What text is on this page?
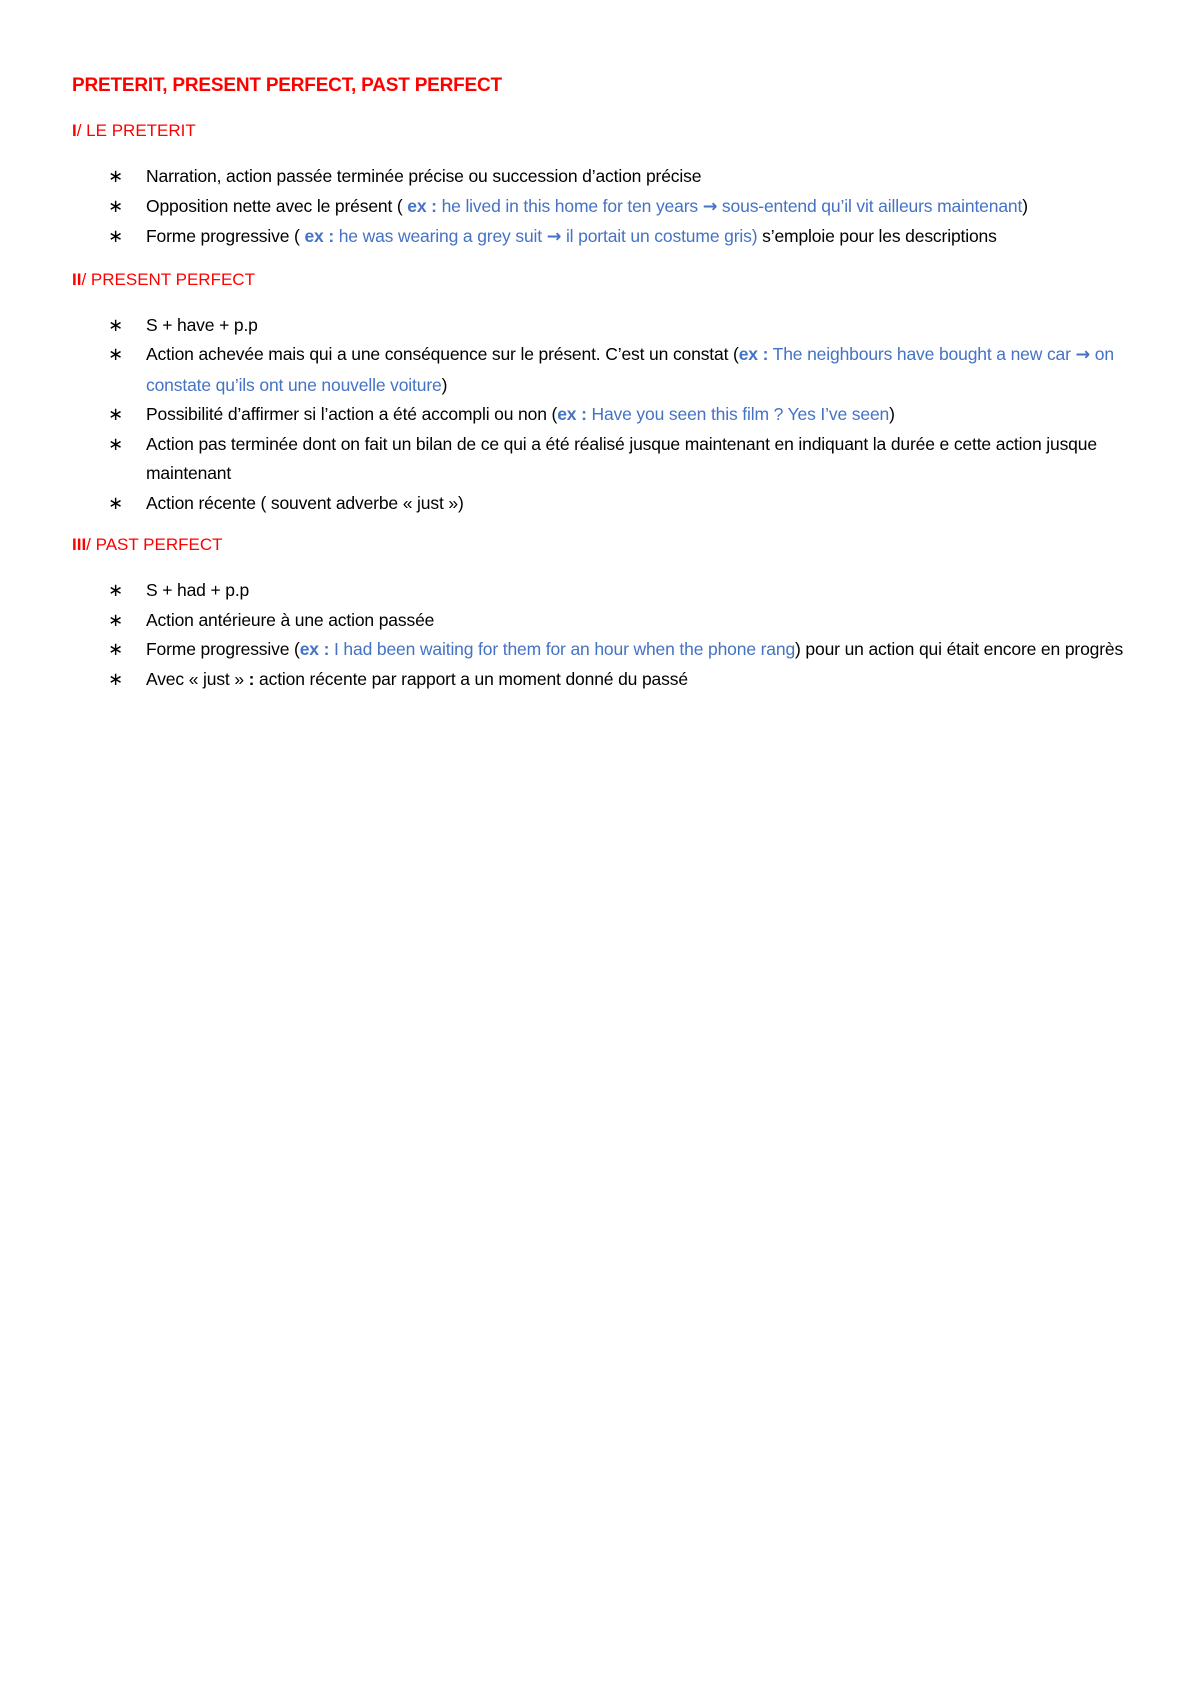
PRETERIT, PRESENT PERFECT, PAST PERFECT
I/ LE PRETERIT
∗ Narration, action passée terminée précise ou succession d’action précise
∗ Opposition nette avec le présent ( ex : he lived in this home for ten years → sous-entend qu’il vit ailleurs maintenant)
∗ Forme progressive ( ex : he was wearing a grey suit → il portait un costume gris) s’emploie pour les descriptions
II/ PRESENT PERFECT
∗ S + have + p.p
∗ Action achevée mais qui a une conséquence sur le présent. C’est un constat (ex : The neighbours have bought a new car → on constate qu’ils ont une nouvelle voiture)
∗ Possibilité d’affirmer si l’action a été accompli ou non (ex : Have you seen this film ? Yes I’ve seen)
∗ Action pas terminée dont on fait un bilan de ce qui a été réalisé jusque maintenant en indiquant la durée e cette action jusque maintenant
∗ Action récente ( souvent adverbe « just »)
III/ PAST PERFECT
∗ S + had + p.p
∗ Action antérieure à une action passée
∗ Forme progressive (ex : I had been waiting for them for an hour when the phone rang) pour un action qui était encore en progrès
∗ Avec « just » : action récente par rapport a un moment donné du passé
